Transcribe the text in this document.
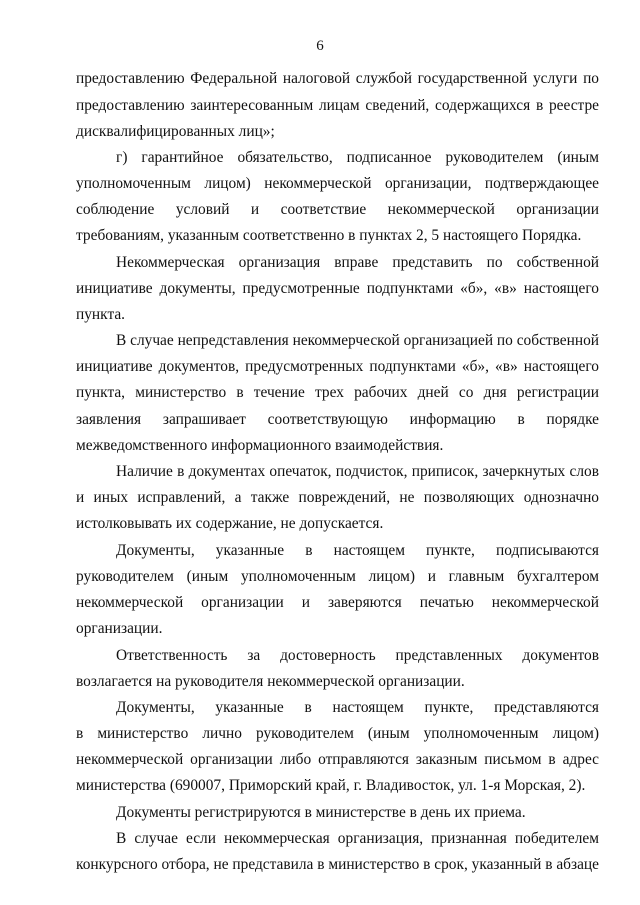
6
предоставлению Федеральной налоговой службой государственной услуги по
предоставлению заинтересованным лицам сведений, содержащихся в реестре
дисквалифицированных лиц»;
г) гарантийное обязательство, подписанное руководителем (иным
уполномоченным лицом) некоммерческой организации, подтверждающее
соблюдение условий и соответствие некоммерческой организации
требованиям, указанным соответственно в пунктах 2, 5 настоящего Порядка.
Некоммерческая организация вправе представить по собственной
инициативе документы, предусмотренные подпунктами «б», «в» настоящего
пункта.
В случае непредставления некоммерческой организацией по собственной
инициативе документов, предусмотренных подпунктами «б», «в» настоящего
пункта, министерство в течение трех рабочих дней со дня регистрации
заявления запрашивает соответствующую информацию в порядке
межведомственного информационного взаимодействия.
Наличие в документах опечаток, подчисток, приписок, зачеркнутых слов
и иных исправлений, а также повреждений, не позволяющих однозначно
истолковывать их содержание, не допускается.
Документы, указанные в настоящем пункте, подписываются
руководителем (иным уполномоченным лицом) и главным бухгалтером
некоммерческой организации и заверяются печатью некоммерческой
организации.
Ответственность за достоверность представленных документов
возлагается на руководителя некоммерческой организации.
Документы, указанные в настоящем пункте, представляются
в министерство лично руководителем (иным уполномоченным лицом)
некоммерческой организации либо отправляются заказным письмом в адрес
министерства (690007, Приморский край, г. Владивосток, ул. 1-я Морская, 2).
Документы регистрируются в министерстве в день их приема.
В случае если некоммерческая организация, признанная победителем
конкурсного отбора, не представила в министерство в срок, указанный в абзаце
